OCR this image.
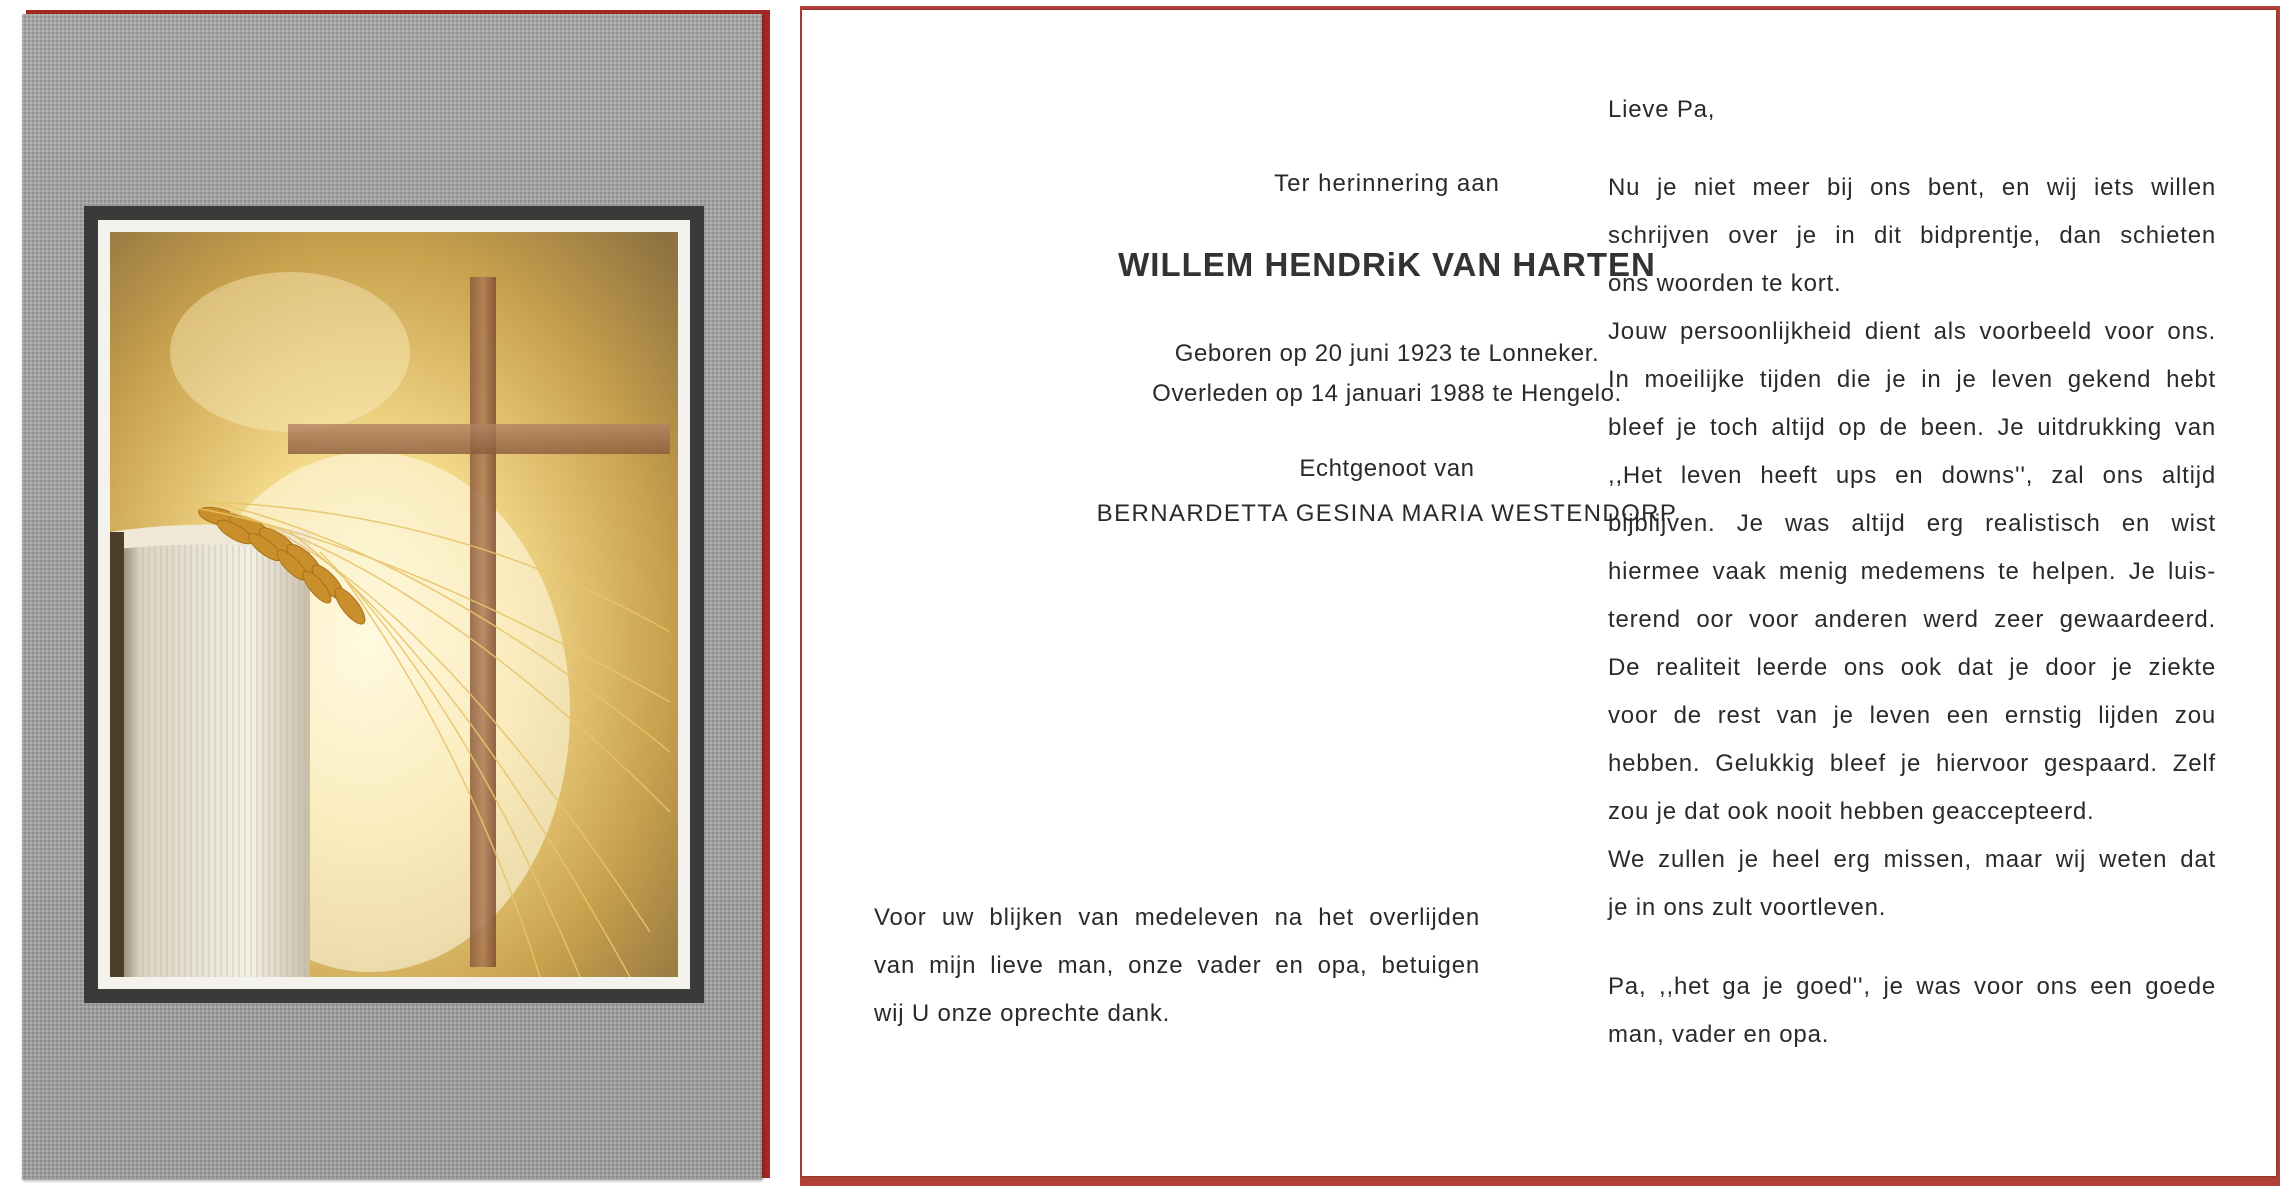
Ter herinnering aan
WILLEM HENDRiK VAN HARTEN
Geboren op 20 juni 1923 te Lonneker.
Overleden op 14 januari 1988 te Hengelo.
Echtgenoot van
BERNARDETTA GESINA MARIA WESTENDORP
Voor uw blijken van medeleven na het overlijden
van mijn lieve man, onze vader en opa, betuigen
wij U onze oprechte dank.
Lieve Pa,
Nu je niet meer bij ons bent, en wij iets willen
schrijven over je in dit bidprentje, dan schieten
ons woorden te kort.
Jouw persoonlijkheid dient als voorbeeld voor ons.
In moeilijke tijden die je in je leven gekend hebt
bleef je toch altijd op de been. Je uitdrukking van
,,Het leven heeft ups en downs'', zal ons altijd
bijblijven. Je was altijd erg realistisch en wist
hiermee vaak menig medemens te helpen. Je luis-
terend oor voor anderen werd zeer gewaardeerd.
De realiteit leerde ons ook dat je door je ziekte
voor de rest van je leven een ernstig lijden zou
hebben. Gelukkig bleef je hiervoor gespaard. Zelf
zou je dat ook nooit hebben geaccepteerd.
We zullen je heel erg missen, maar wij weten dat
je in ons zult voortleven.
Pa, ,,het ga je goed'', je was voor ons een goede
man, vader en opa.
